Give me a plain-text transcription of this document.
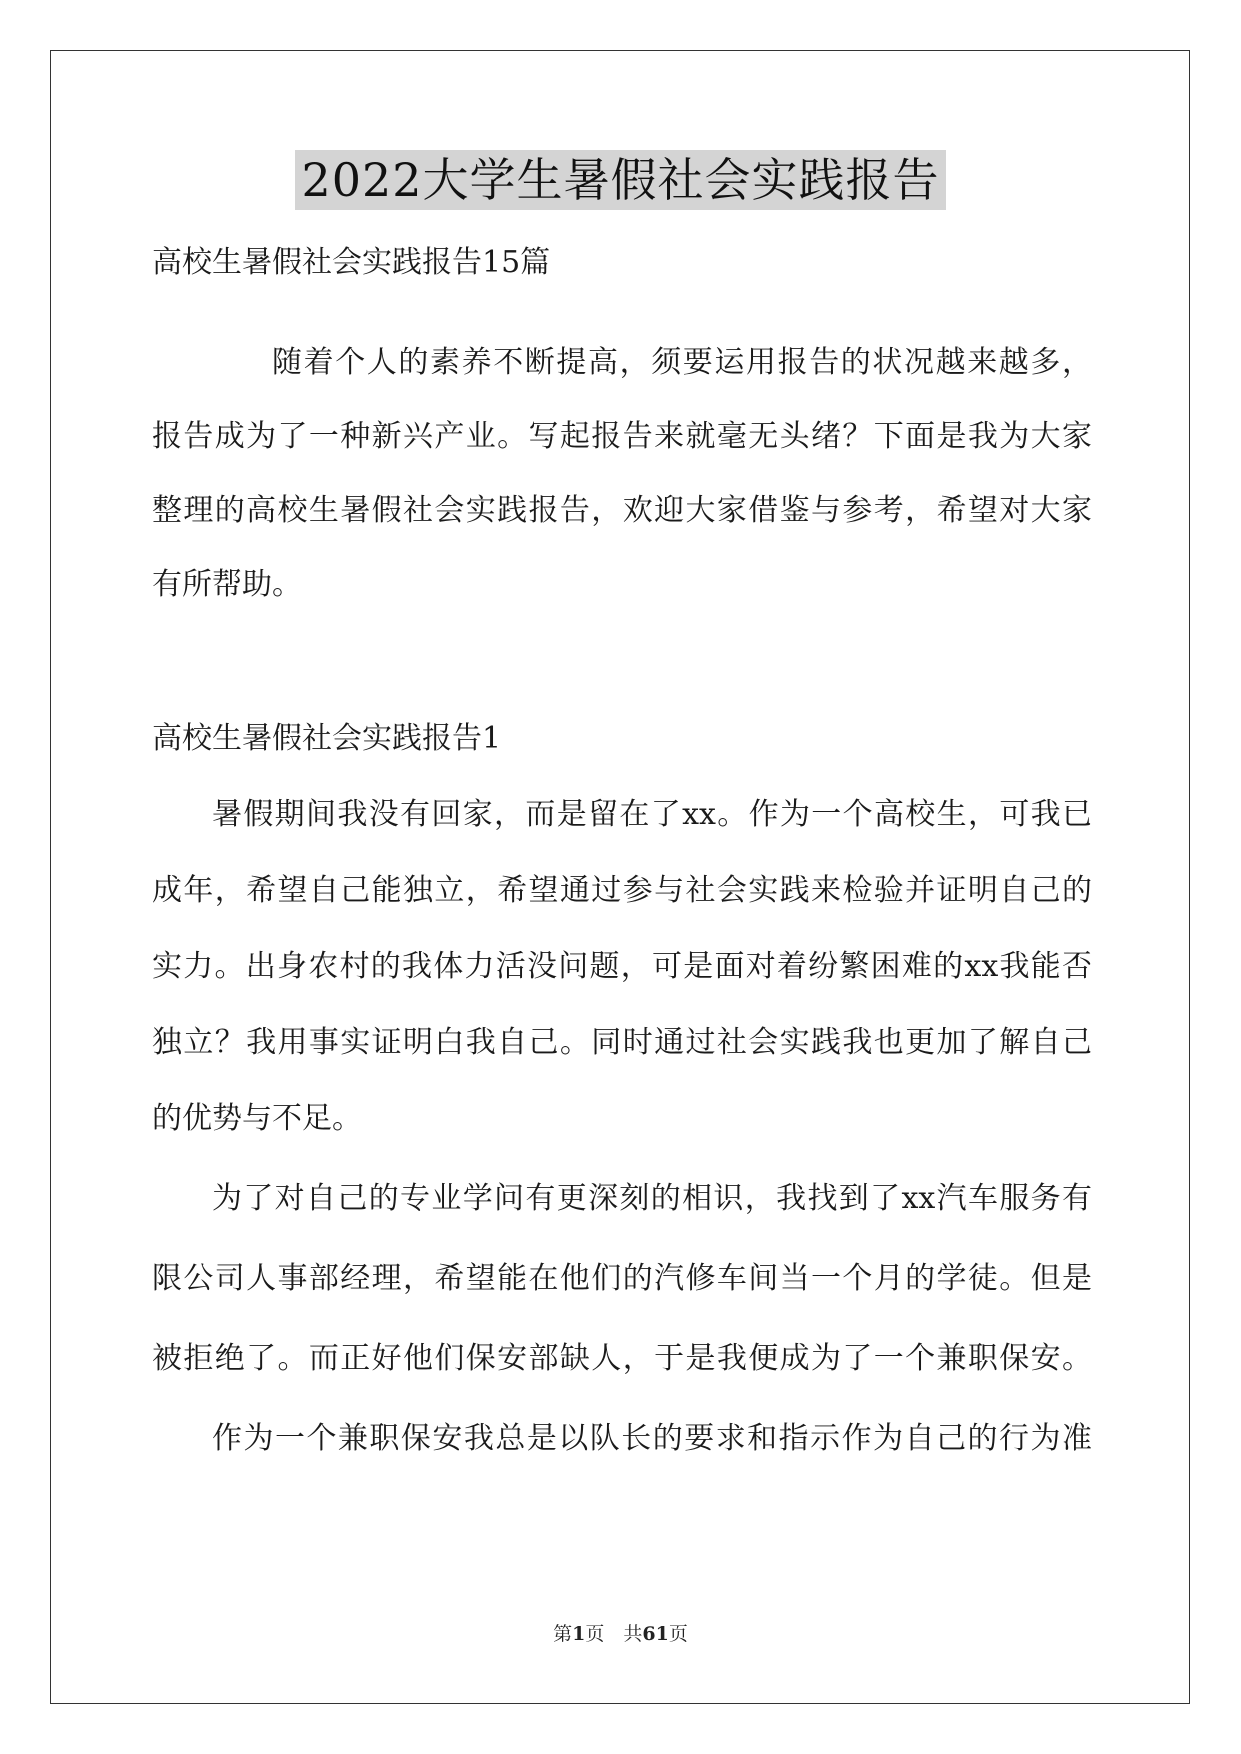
2022大学生暑假社会实践报告
高校生暑假社会实践报告15篇
随着个人的素养不断提高，须要运用报告的状况越来越多，
报告成为了一种新兴产业。写起报告来就毫无头绪？下面是我为大家
整理的高校生暑假社会实践报告，欢迎大家借鉴与参考，希望对大家
有所帮助。
高校生暑假社会实践报告1
暑假期间我没有回家，而是留在了xx。作为一个高校生，可我已
成年，希望自己能独立，希望通过参与社会实践来检验并证明自己的
实力。出身农村的我体力活没问题，可是面对着纷繁困难的xx我能否
独立？我用事实证明白我自己。同时通过社会实践我也更加了解自己
的优势与不足。
为了对自己的专业学问有更深刻的相识，我找到了xx汽车服务有
限公司人事部经理，希望能在他们的汽修车间当一个月的学徒。但是
被拒绝了。而正好他们保安部缺人，于是我便成为了一个兼职保安。
作为一个兼职保安我总是以队长的要求和指示作为自己的行为准
第1页　共61页
